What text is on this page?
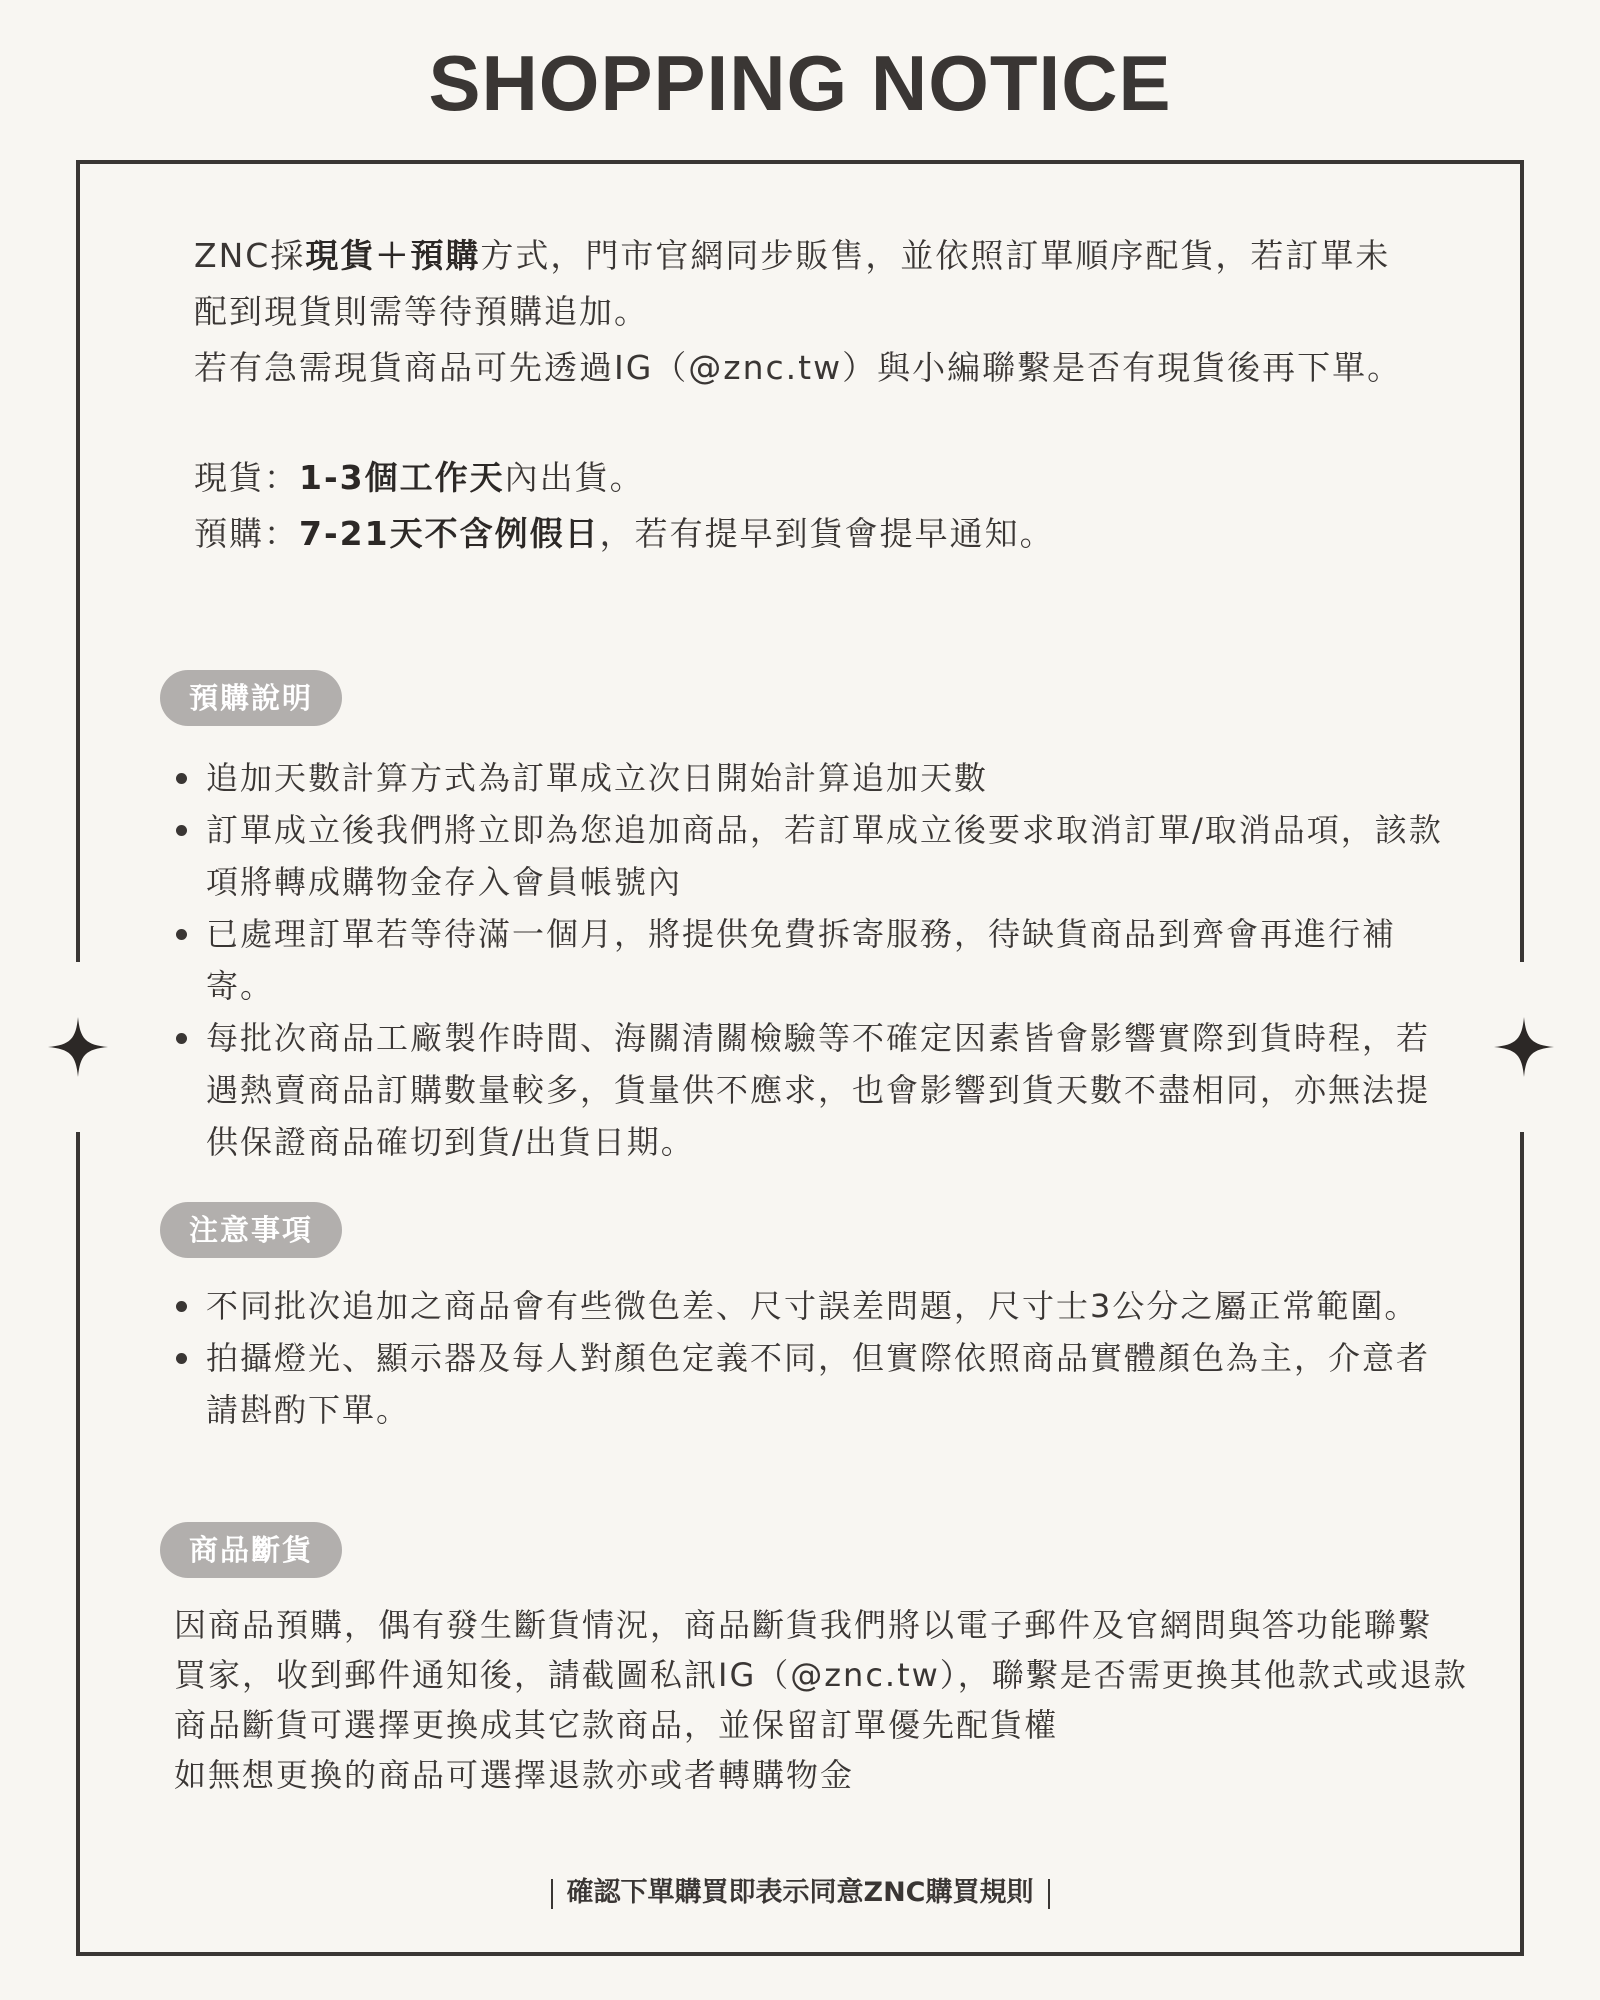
SHOPPING NOTICE

ZNC採現貨＋預購方式，門市官網同步販售，並依照訂單順序配貨，若訂單未配到現貨則需等待預購追加。

若有急需現貨商品可先透過IG（@znc.tw）與小編聯繫是否有現貨後再下單。

現貨：1-3個工作天內出貨。

預購：7-21天不含例假日，若有提早到貨會提早通知。

預購說明
追加天數計算方式為訂單成立次日開始計算追加天數
訂單成立後我們將立即為您追加商品，若訂單成立後要求取消訂單/取消品項，該款項將轉成購物金存入會員帳號內
已處理訂單若等待滿一個月，將提供免費拆寄服務，待缺貨商品到齊會再進行補寄。
每批次商品工廠製作時間、海關清關檢驗等不確定因素皆會影響實際到貨時程，若遇熱賣商品訂購數量較多，貨量供不應求，也會影響到貨天數不盡相同，亦無法提供保證商品確切到貨/出貨日期。
注意事項
不同批次追加之商品會有些微色差、尺寸誤差問題，尺寸士3公分之屬正常範圍。
拍攝燈光、顯示器及每人對顏色定義不同，但實際依照商品實體顏色為主，介意者請斟酌下單。
商品斷貨

因商品預購，偶有發生斷貨情況，商品斷貨我們將以電子郵件及官網問與答功能聯繫

買家，收到郵件通知後，請截圖私訊IG（@znc.tw），聯繫是否需更換其他款式或退款

商品斷貨可選擇更換成其它款商品，並保留訂單優先配貨權

如無想更換的商品可選擇退款亦或者轉購物金

確認下單購買即表示同意ZNC購買規則
